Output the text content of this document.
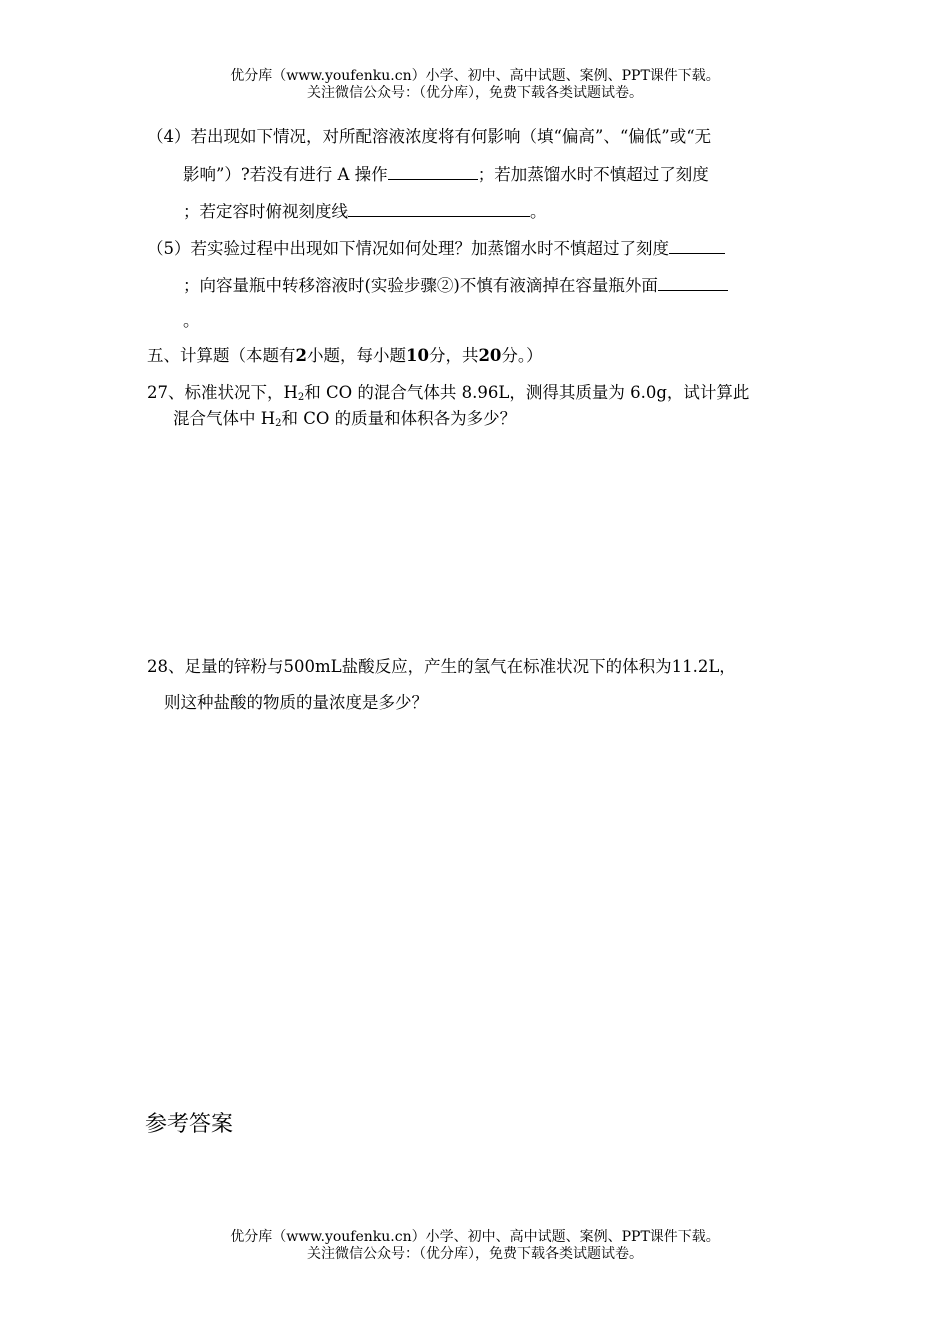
优分库（www.youfenku.cn）小学、初中、高中试题、案例、PPT课件下载。
关注微信公众号：（优分库），免费下载各类试题试卷。
（4）若出现如下情况，对所配溶液浓度将有何影响（填“偏高”、“偏低”或“无
影响”）?若没有进行 A 操作	；若加蒸馏水时不慎超过了刻度
；若定容时俯视刻度线	。
（5）若实验过程中出现如下情况如何处理？加蒸馏水时不慎超过了刻度
；向容量瓶中转移溶液时(实验步骤②)不慎有液滴掉在容量瓶外面
。
五、计算题（本题有2小题，每小题10分，共20分。）
27、标准状况下，$H_2$和 CO 的混合气体共 8.96L，测得其质量为 6.0g，试计算此
混合气体中 $H_2$和 CO 的质量和体积各为多少？
28、足量的锌粉与500mL盐酸反应，产生的氢气在标准状况下的体积为11.2L，
则这种盐酸的物质的量浓度是多少？
参考答案
优分库（www.youfenku.cn）小学、初中、高中试题、案例、PPT课件下载。
关注微信公众号：（优分库），免费下载各类试题试卷。
